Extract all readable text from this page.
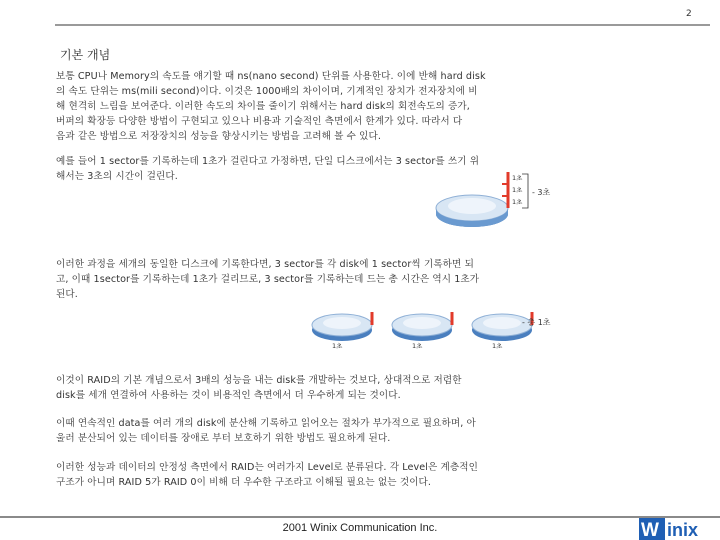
2
기본 개념
보통 CPU나 Memory의 속도를 얘기할 때 ns(nano second) 단위를 사용한다. 이에 반해 hard disk
의 속도 단위는 ms(mili second)이다. 이것은 1000배의 차이이며, 기계적인 장치가 전자장치에 비
해 현격히 느림을 보여준다. 이러한 속도의 차이를 줄이기 위해서는 hard disk의 회전속도의 증가,
버퍼의 확장등 다양한 방법이 구현되고 있으나 비용과 기술적인 측면에서 한계가 있다. 따라서 다
음과 같은 방법으로 저장장치의 성능을 향상시키는 방법을 고려해 볼 수 있다.
예를 들어 1 sector를 기록하는데 1초가 걸린다고 가정하면, 단일 디스크에서는 3 sector를 쓰기 위
해서는 3초의 시간이 걸린다.	1초
1초
1초
- 3초
이러한 과정을 세개의 동일한 디스크에 기록한다면, 3 sector를 각 disk에 1 sector씩 기록하면 되
고, 이때 1sector를 기록하는데 1초가 걸리므로, 3 sector를 기록하는데 드는 총 시간은 역시 1초가
된다.
1초	1초	1초
- 총 1초
이것이 RAID의 기본 개념으로서 3배의 성능을 내는 disk를 개발하는 것보다, 상대적으로 저렴한
disk를 세개 연결하여 사용하는 것이 비용적인 측면에서 더 우수하게 되는 것이다.
이때 연속적인 data를 여러 개의 disk에 분산해 기록하고 읽어오는 절차가 부가적으로 필요하며, 아
울러 분산되어 있는 데이터를 장애로 부터 보호하기 위한 방법도 필요하게 된다.
이러한 성능과 데이터의 안정성 측면에서 RAID는 여러가지 Level로 분류된다. 각 Level은 계층적인
구조가 아니며 RAID 5가 RAID 0이 비해 더 우수한 구조라고 이해될 필요는 없는 것이다.
2001 Winix Communication Inc.	W inix
